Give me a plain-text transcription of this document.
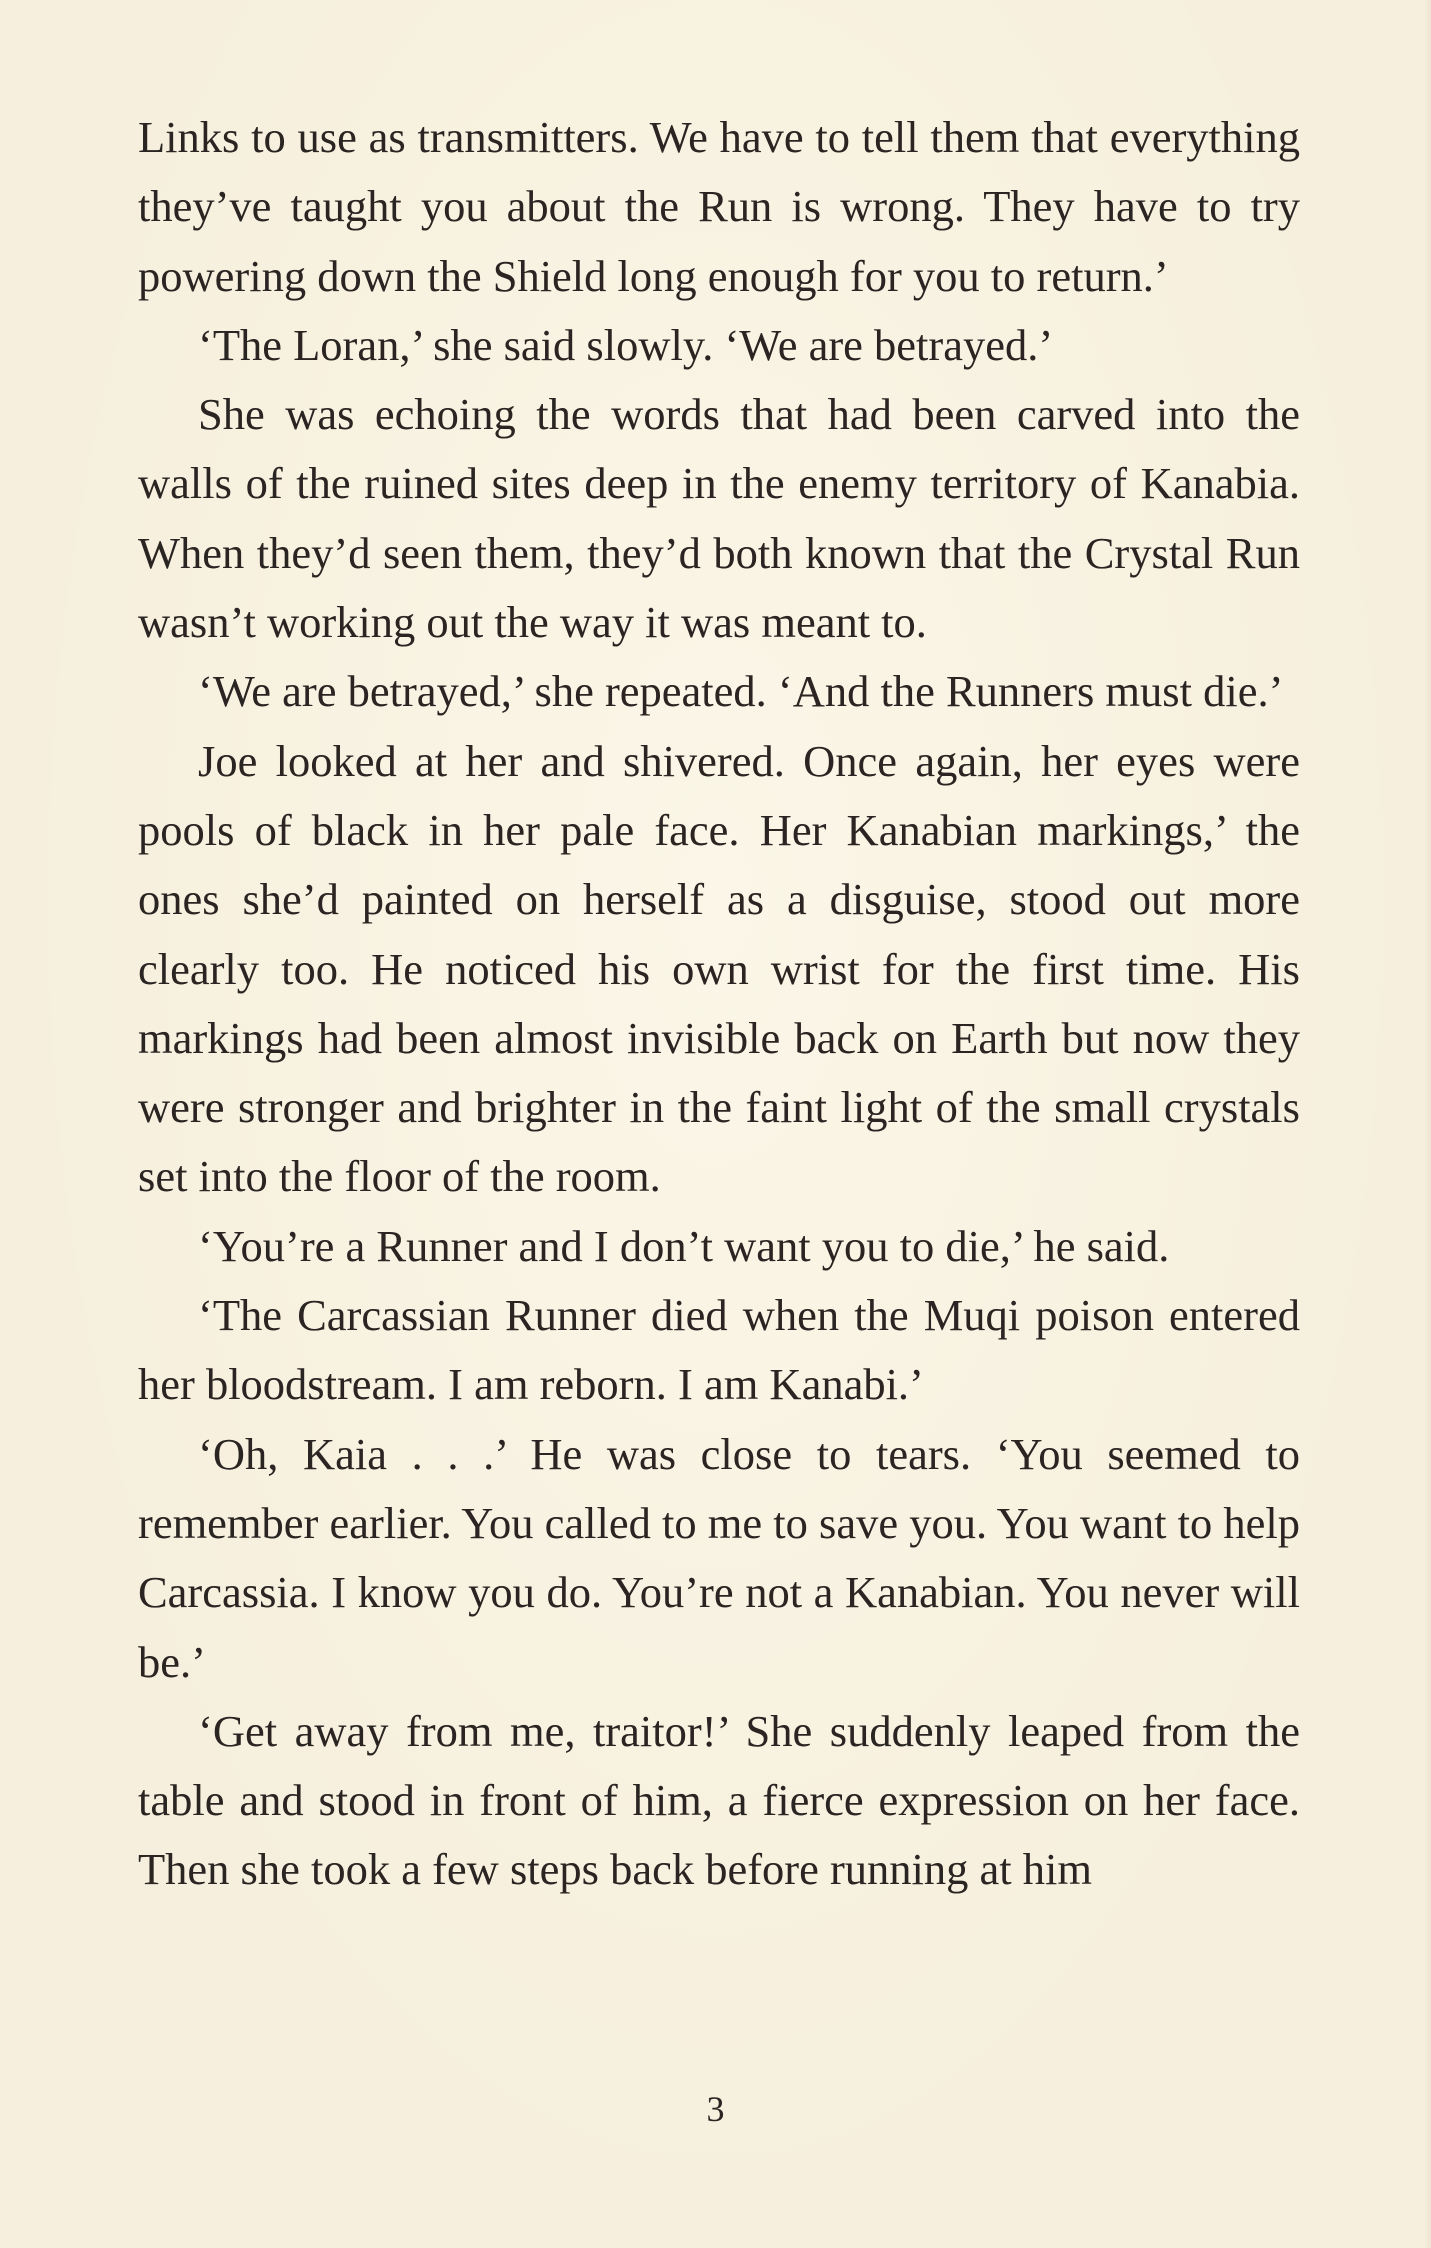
Links to use as transmitters. We have to tell them that everything they’ve taught you about the Run is wrong. They have to try powering down the Shield long enough for you to return.’

‘The Loran,’ she said slowly. ‘We are betrayed.’

She was echoing the words that had been carved into the walls of the ruined sites deep in the enemy territory of Kanabia. When they’d seen them, they’d both known that the Crystal Run wasn’t working out the way it was meant to.

‘We are betrayed,’ she repeated. ‘And the Runners must die.’

Joe looked at her and shivered. Once again, her eyes were pools of black in her pale face. Her Kanabian markings,’ the ones she’d painted on herself as a disguise, stood out more clearly too. He noticed his own wrist for the first time. His markings had been almost invisible back on Earth but now they were stronger and brighter in the faint light of the small crystals set into the floor of the room.

‘You’re a Runner and I don’t want you to die,’ he said.

‘The Carcassian Runner died when the Muqi poison entered her bloodstream. I am reborn. I am Kanabi.’

‘Oh, Kaia . . .’ He was close to tears. ‘You seemed to remember earlier. You called to me to save you. You want to help Carcassia. I know you do. You’re not a Kanabian. You never will be.’

‘Get away from me, traitor!’ She suddenly leaped from the table and stood in front of him, a fierce expression on her face. Then she took a few steps back before running at him

3
